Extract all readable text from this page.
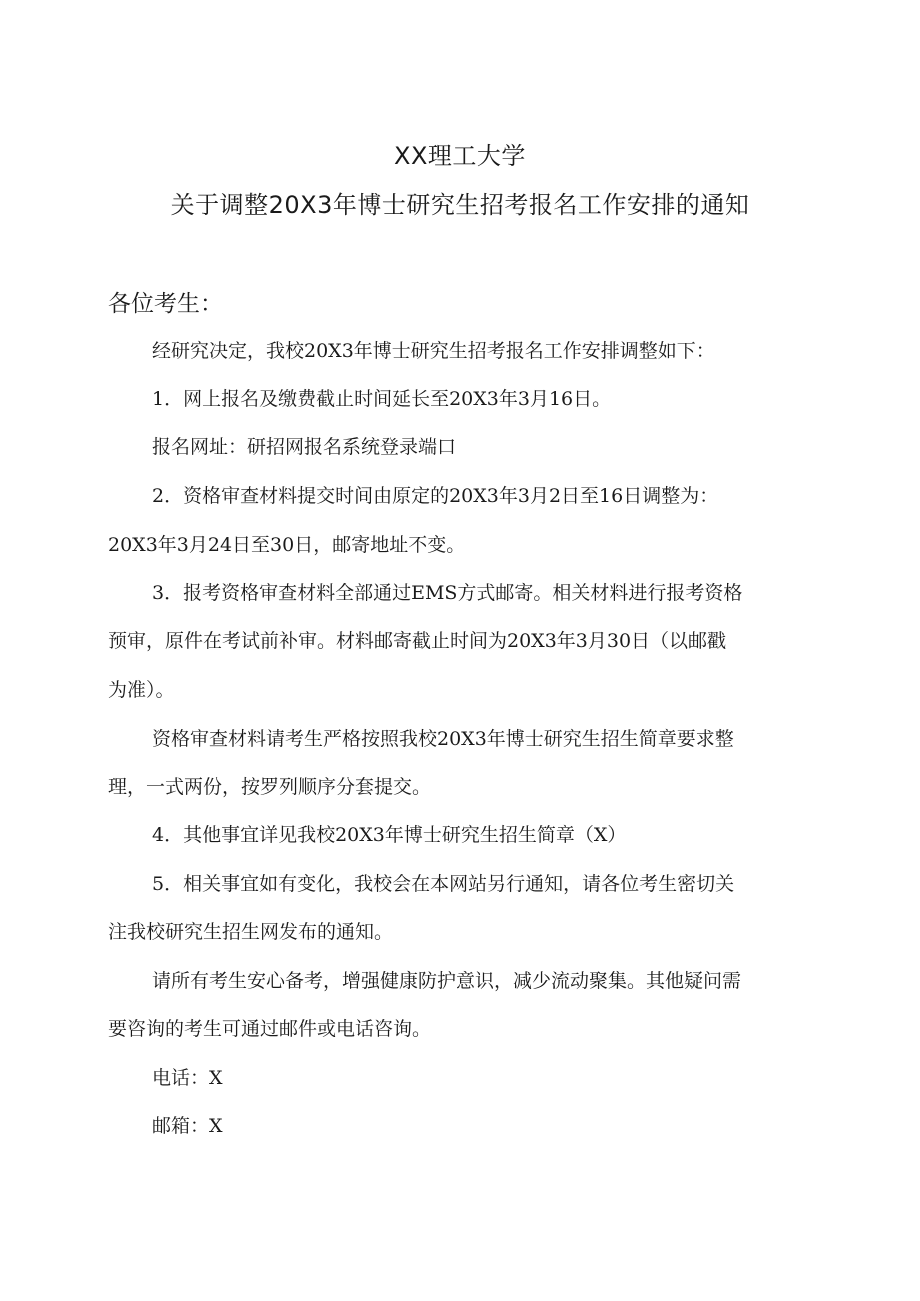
XX理工大学
关于调整20X3年博士研究生招考报名工作安排的通知
各位考生：
经研究决定，我校20X3年博士研究生招考报名工作安排调整如下：
1．网上报名及缴费截止时间延长至20X3年3月16日。
报名网址：研招网报名系统登录端口
2．资格审查材料提交时间由原定的20X3年3月2日至16日调整为：
20X3年3月24日至30日，邮寄地址不变。
3．报考资格审查材料全部通过EMS方式邮寄。相关材料进行报考资格
预审，原件在考试前补审。材料邮寄截止时间为20X3年3月30日（以邮戳
为准）。
资格审查材料请考生严格按照我校20X3年博士研究生招生简章要求整
理，一式两份，按罗列顺序分套提交。
4．其他事宜详见我校20X3年博士研究生招生简章（X）
5．相关事宜如有变化，我校会在本网站另行通知，请各位考生密切关
注我校研究生招生网发布的通知。
请所有考生安心备考，增强健康防护意识，减少流动聚集。其他疑问需
要咨询的考生可通过邮件或电话咨询。
电话：X
邮箱：X
